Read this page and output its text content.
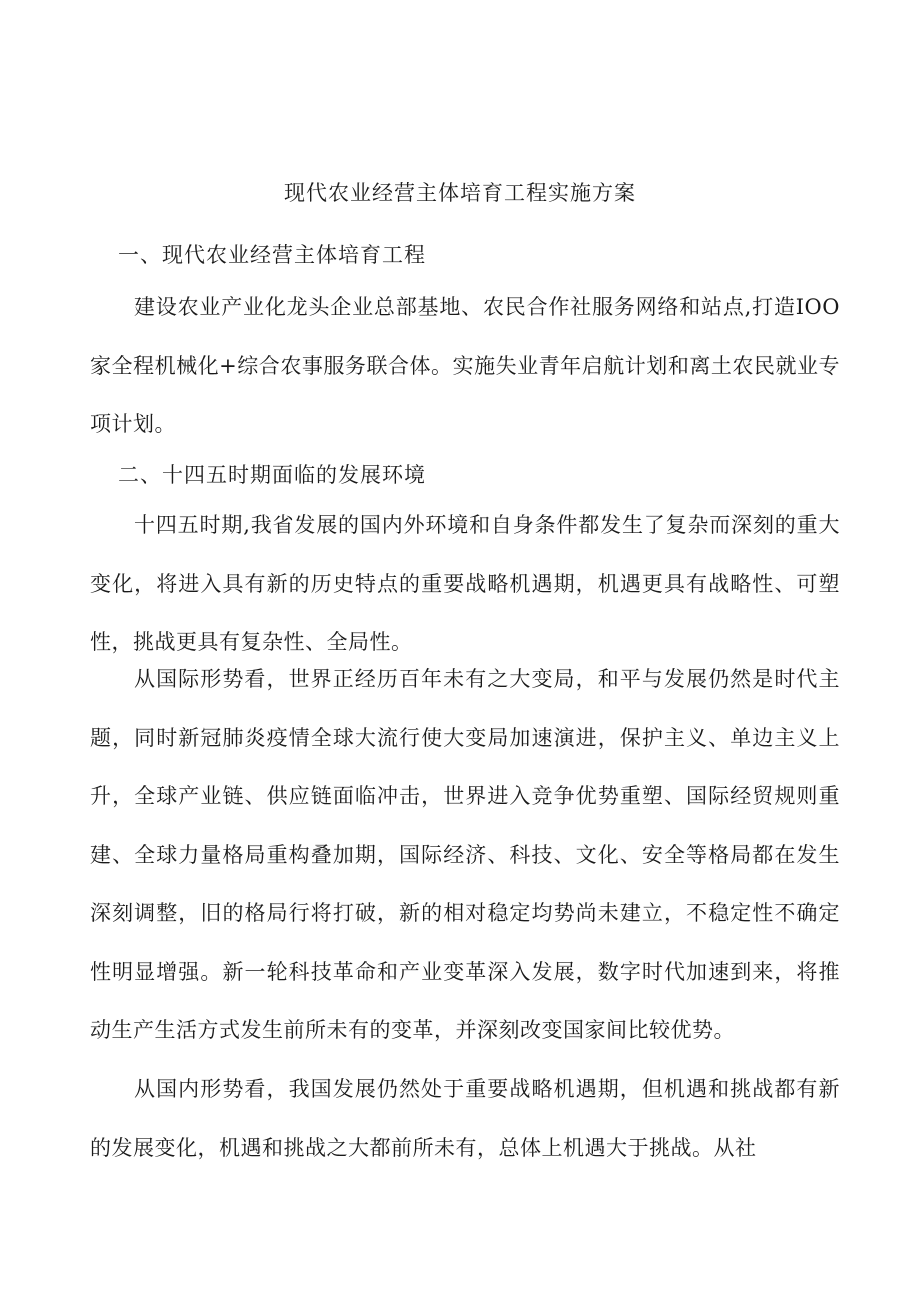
现代农业经营主体培育工程实施方案
一、现代农业经营主体培育工程

建设农业产业化龙头企业总部基地、农民合作社服务网络和站点,打造IOO家全程机械化+综合农事服务联合体。实施失业青年启航计划和离土农民就业专项计划。

二、十四五时期面临的发展环境

十四五时期,我省发展的国内外环境和自身条件都发生了复杂而深刻的重大变化，将进入具有新的历史特点的重要战略机遇期，机遇更具有战略性、可塑性，挑战更具有复杂性、全局性。

从国际形势看，世界正经历百年未有之大变局，和平与发展仍然是时代主题，同时新冠肺炎疫情全球大流行使大变局加速演进，保护主义、单边主义上升，全球产业链、供应链面临冲击，世界进入竞争优势重塑、国际经贸规则重建、全球力量格局重构叠加期，国际经济、科技、文化、安全等格局都在发生深刻调整，旧的格局行将打破，新的相对稳定均势尚未建立，不稳定性不确定性明显增强。新一轮科技革命和产业变革深入发展，数字时代加速到来，将推动生产生活方式发生前所未有的变革，并深刻改变国家间比较优势。

从国内形势看，我国发展仍然处于重要战略机遇期，但机遇和挑战都有新的发展变化，机遇和挑战之大都前所未有，总体上机遇大于挑战。从社
